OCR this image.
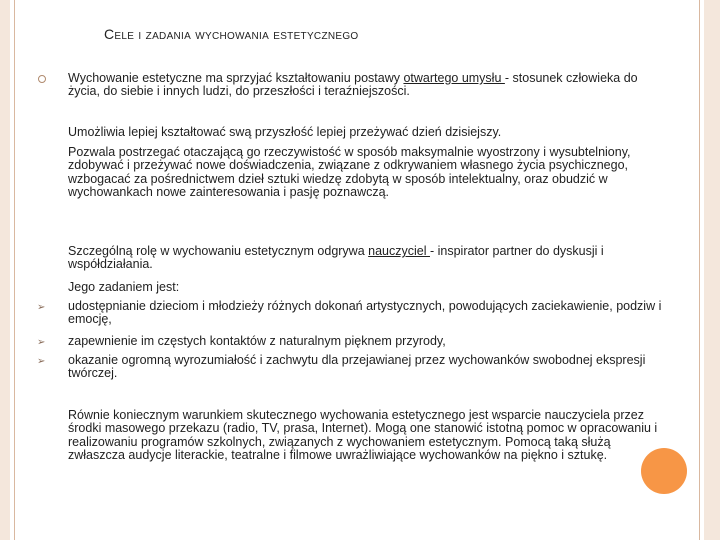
Cele i zadania wychowania estetycznego
Wychowanie estetyczne ma sprzyjać kształtowaniu postawy otwartego umysłu - stosunek człowieka do życia, do siebie i innych ludzi, do przeszłości i teraźniejszości.
Umożliwia lepiej kształtować swą przyszłość lepiej przeżywać dzień dzisiejszy.
Pozwala postrzegać otaczającą go rzeczywistość w sposób maksymalnie wyostrzony i wysubtelniony, zdobywać i przeżywać nowe doświadczenia, związane z odkrywaniem własnego życia psychicznego, wzbogacać za pośrednictwem dzieł sztuki wiedzę zdobytą w sposób intelektualny, oraz obudzić w wychowankach nowe zainteresowania i pasję poznawczą.
Szczególną rolę w wychowaniu estetycznym odgrywa nauczyciel - inspirator partner do dyskusji i współdziałania.
Jego zadaniem jest:
udostępnianie dzieciom i młodzieży różnych dokonań artystycznych, powodujących zaciekawienie, podziw i emocję,
zapewnienie im częstych kontaktów z naturalnym pięknem przyrody,
okazanie ogromną wyrozumiałość i zachwytu dla przejawianej przez wychowanków swobodnej ekspresji twórczej.
Równie koniecznym warunkiem skutecznego wychowania estetycznego jest wsparcie nauczyciela przez środki masowego przekazu (radio, TV, prasa, Internet). Mogą one stanowić istotną pomoc w opracowaniu i realizowaniu programów szkolnych, związanych z wychowaniem estetycznym. Pomocą taką służą zwłaszcza audycje literackie, teatralne i filmowe uwrażliwiające wychowanków na piękno i sztukę.
➢
➢
➢
